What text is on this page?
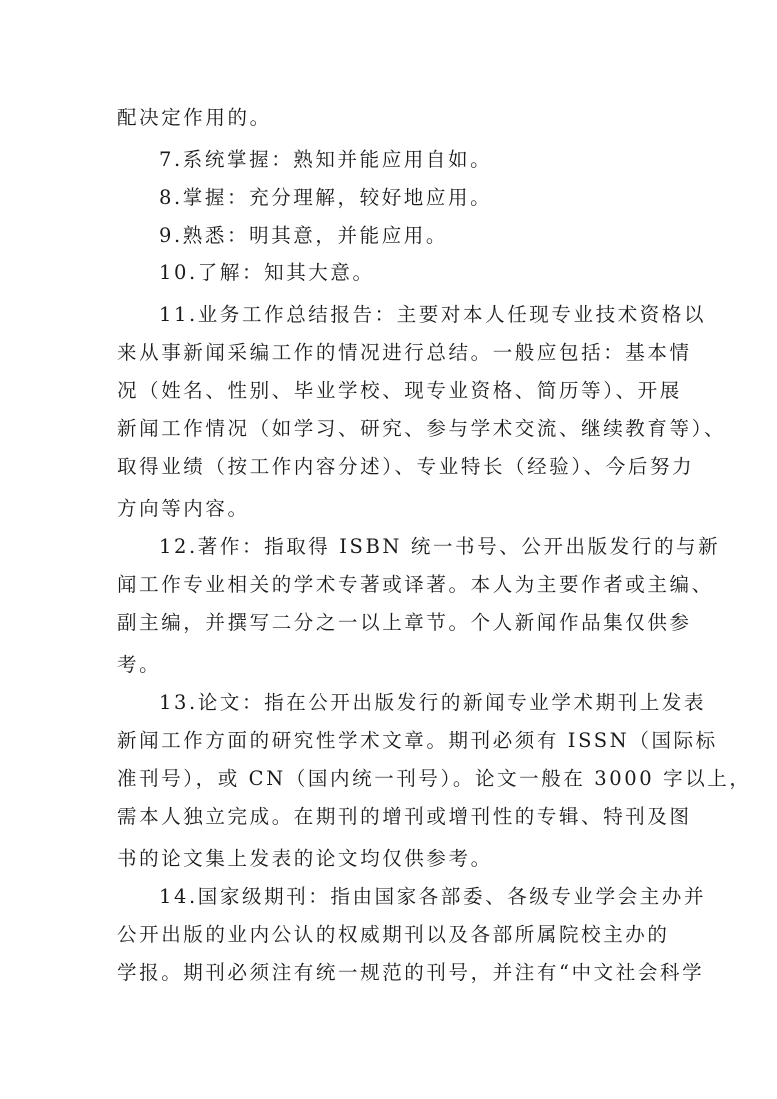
配决定作用的。

7.系统掌握：熟知并能应用自如。

8.掌握：充分理解，较好地应用。

9.熟悉：明其意，并能应用。

10.了解：知其大意。

11.业务工作总结报告：主要对本人任现专业技术资格以

来从事新闻采编工作的情况进行总结。一般应包括：基本情

况（姓名、性别、毕业学校、现专业资格、简历等）、开展

新闻工作情况（如学习、研究、参与学术交流、继续教育等）、

取得业绩（按工作内容分述）、专业特长（经验）、今后努力

方向等内容。

12.著作：指取得 ISBN 统一书号、公开出版发行的与新

闻工作专业相关的学术专著或译著。本人为主要作者或主编、

副主编，并撰写二分之一以上章节。个人新闻作品集仅供参

考。

13.论文：指在公开出版发行的新闻专业学术期刊上发表

新闻工作方面的研究性学术文章。期刊必须有 ISSN（国际标

准刊号），或 CN（国内统一刊号）。论文一般在 3000 字以上，

需本人独立完成。在期刊的增刊或增刊性的专辑、特刊及图

书的论文集上发表的论文均仅供参考。

14.国家级期刊：指由国家各部委、各级专业学会主办并

公开出版的业内公认的权威期刊以及各部所属院校主办的

学报。期刊必须注有统一规范的刊号，并注有“中文社会科学
